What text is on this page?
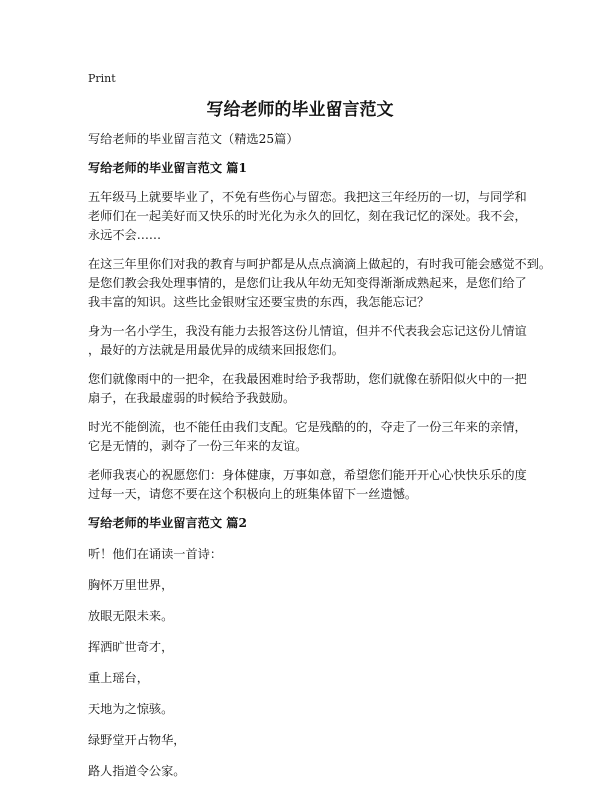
Print
写给老师的毕业留言范文

写给老师的毕业留言范文（精选25篇）

写给老师的毕业留言范文 篇1

五年级马上就要毕业了，不免有些伤心与留恋。我把这三年经历的一切，与同学和
老师们在一起美好而又快乐的时光化为永久的回忆，刻在我记忆的深处。我不会，
永远不会……

在这三年里你们对我的教育与呵护都是从点点滴滴上做起的，有时我可能会感觉不到。
是您们教会我处理事情的，是您们让我从年幼无知变得渐渐成熟起来，是您们给了
我丰富的知识。这些比金银财宝还要宝贵的东西，我怎能忘记？

身为一名小学生，我没有能力去报答这份儿情谊，但并不代表我会忘记这份儿情谊
，最好的方法就是用最优异的成绩来回报您们。

您们就像雨中的一把伞，在我最困难时给予我帮助，您们就像在骄阳似火中的一把
扇子，在我最虚弱的时候给予我鼓励。

时光不能倒流，也不能任由我们支配。它是残酷的的，夺走了一份三年来的亲情，
它是无情的，剥夺了一份三年来的友谊。

老师我衷心的祝愿您们：身体健康，万事如意，希望您们能开开心心快快乐乐的度
过每一天，请您不要在这个积极向上的班集体留下一丝遗憾。

写给老师的毕业留言范文 篇2

听！他们在诵读一首诗：

胸怀万里世界，

放眼无限未来。

挥洒旷世奇才，

重上瑶台，

天地为之惊骇。

绿野堂开占物华，

路人指道令公家。
